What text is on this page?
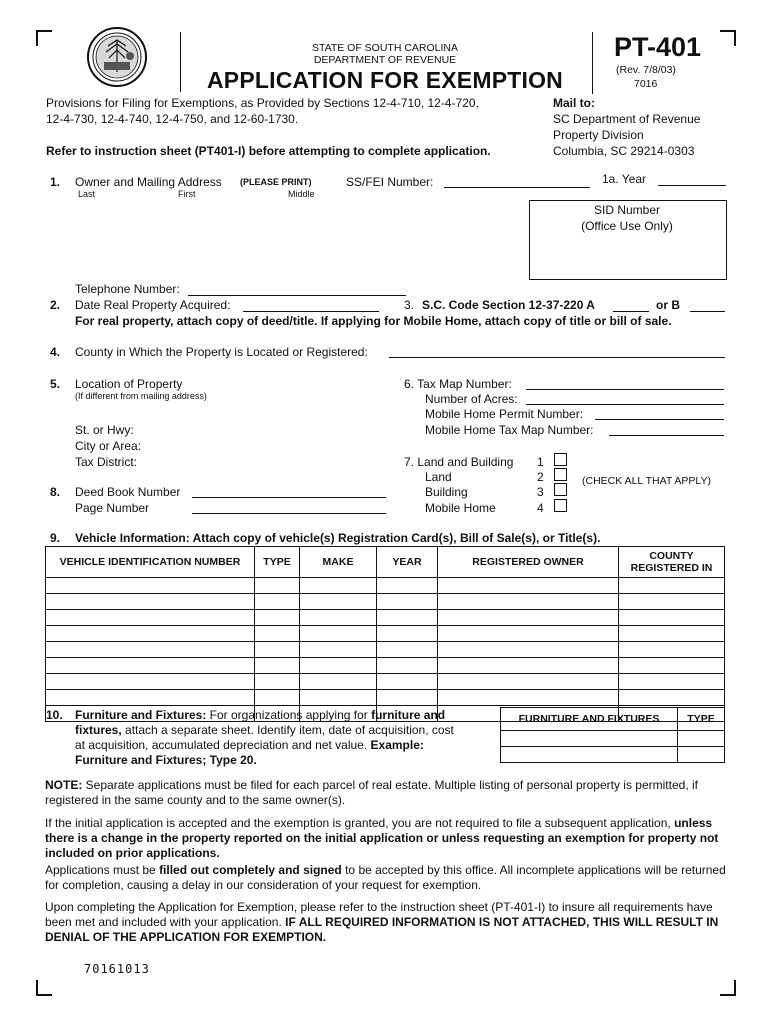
STATE OF SOUTH CAROLINA
DEPARTMENT OF REVENUE
APPLICATION FOR EXEMPTION
PT-401
(Rev. 7/8/03)
7016
Provisions for Filing for Exemptions, as Provided by Sections 12-4-710, 12-4-720,
12-4-730, 12-4-740, 12-4-750, and 12-60-1730.
Refer to instruction sheet (PT401-I) before attempting to complete application.
Mail to:
SC Department of Revenue
Property Division
Columbia, SC 29214-0303
1. Owner and Mailing Address (PLEASE PRINT)
Last	First	Middle
SS/FEI Number:	1a. Year
SID Number
(Office Use Only)
Telephone Number:
2. Date Real Property Acquired:	3. S.C. Code Section 12-37-220 A	or B
For real property, attach copy of deed/title. If applying for Mobile Home, attach copy of title or bill of sale.
4. County in Which the Property is Located or Registered:
5. Location of Property
(If different from mailing address)
St. or Hwy:
City or Area:
Tax District:
6. Tax Map Number:
Number of Acres:
Mobile Home Permit Number:
Mobile Home Tax Map Number:
7. Land and Building
Land
Building
Mobile Home
1
2
3
4
(CHECK ALL THAT APPLY)
8. Deed Book Number
Page Number
9. Vehicle Information: Attach copy of vehicle(s) Registration Card(s), Bill of Sale(s), or Title(s).
VEHICLE IDENTIFICATION NUMBER	TYPE	MAKE	YEAR	REGISTERED OWNER	COUNTY
REGISTERED IN

10. Furniture and Fixtures: For organizations applying for furniture and
fixtures, attach a separate sheet. Identify item, date of acquisition, cost
at acquisition, accumulated depreciation and net value. Example:
Furniture and Fixtures; Type 20.
FURNITURE AND FIXTURES	TYPE

NOTE: Separate applications must be filed for each parcel of real estate. Multiple listing of personal property is permitted, if registered in the same county and to the same owner(s).

If the initial application is accepted and the exemption is granted, you are not required to file a subsequent application, unless there is a change in the property reported on the initial application or unless requesting an exemption for property not included on prior applications.

Applications must be filled out completely and signed to be accepted by this office. All incomplete applications will be returned for completion, causing a delay in our consideration of your request for exemption.

Upon completing the Application for Exemption, please refer to the instruction sheet (PT-401-I) to insure all requirements have been met and included with your application. IF ALL REQUIRED INFORMATION IS NOT ATTACHED, THIS WILL RESULT IN DENIAL OF THE APPLICATION FOR EXEMPTION.

70161013
